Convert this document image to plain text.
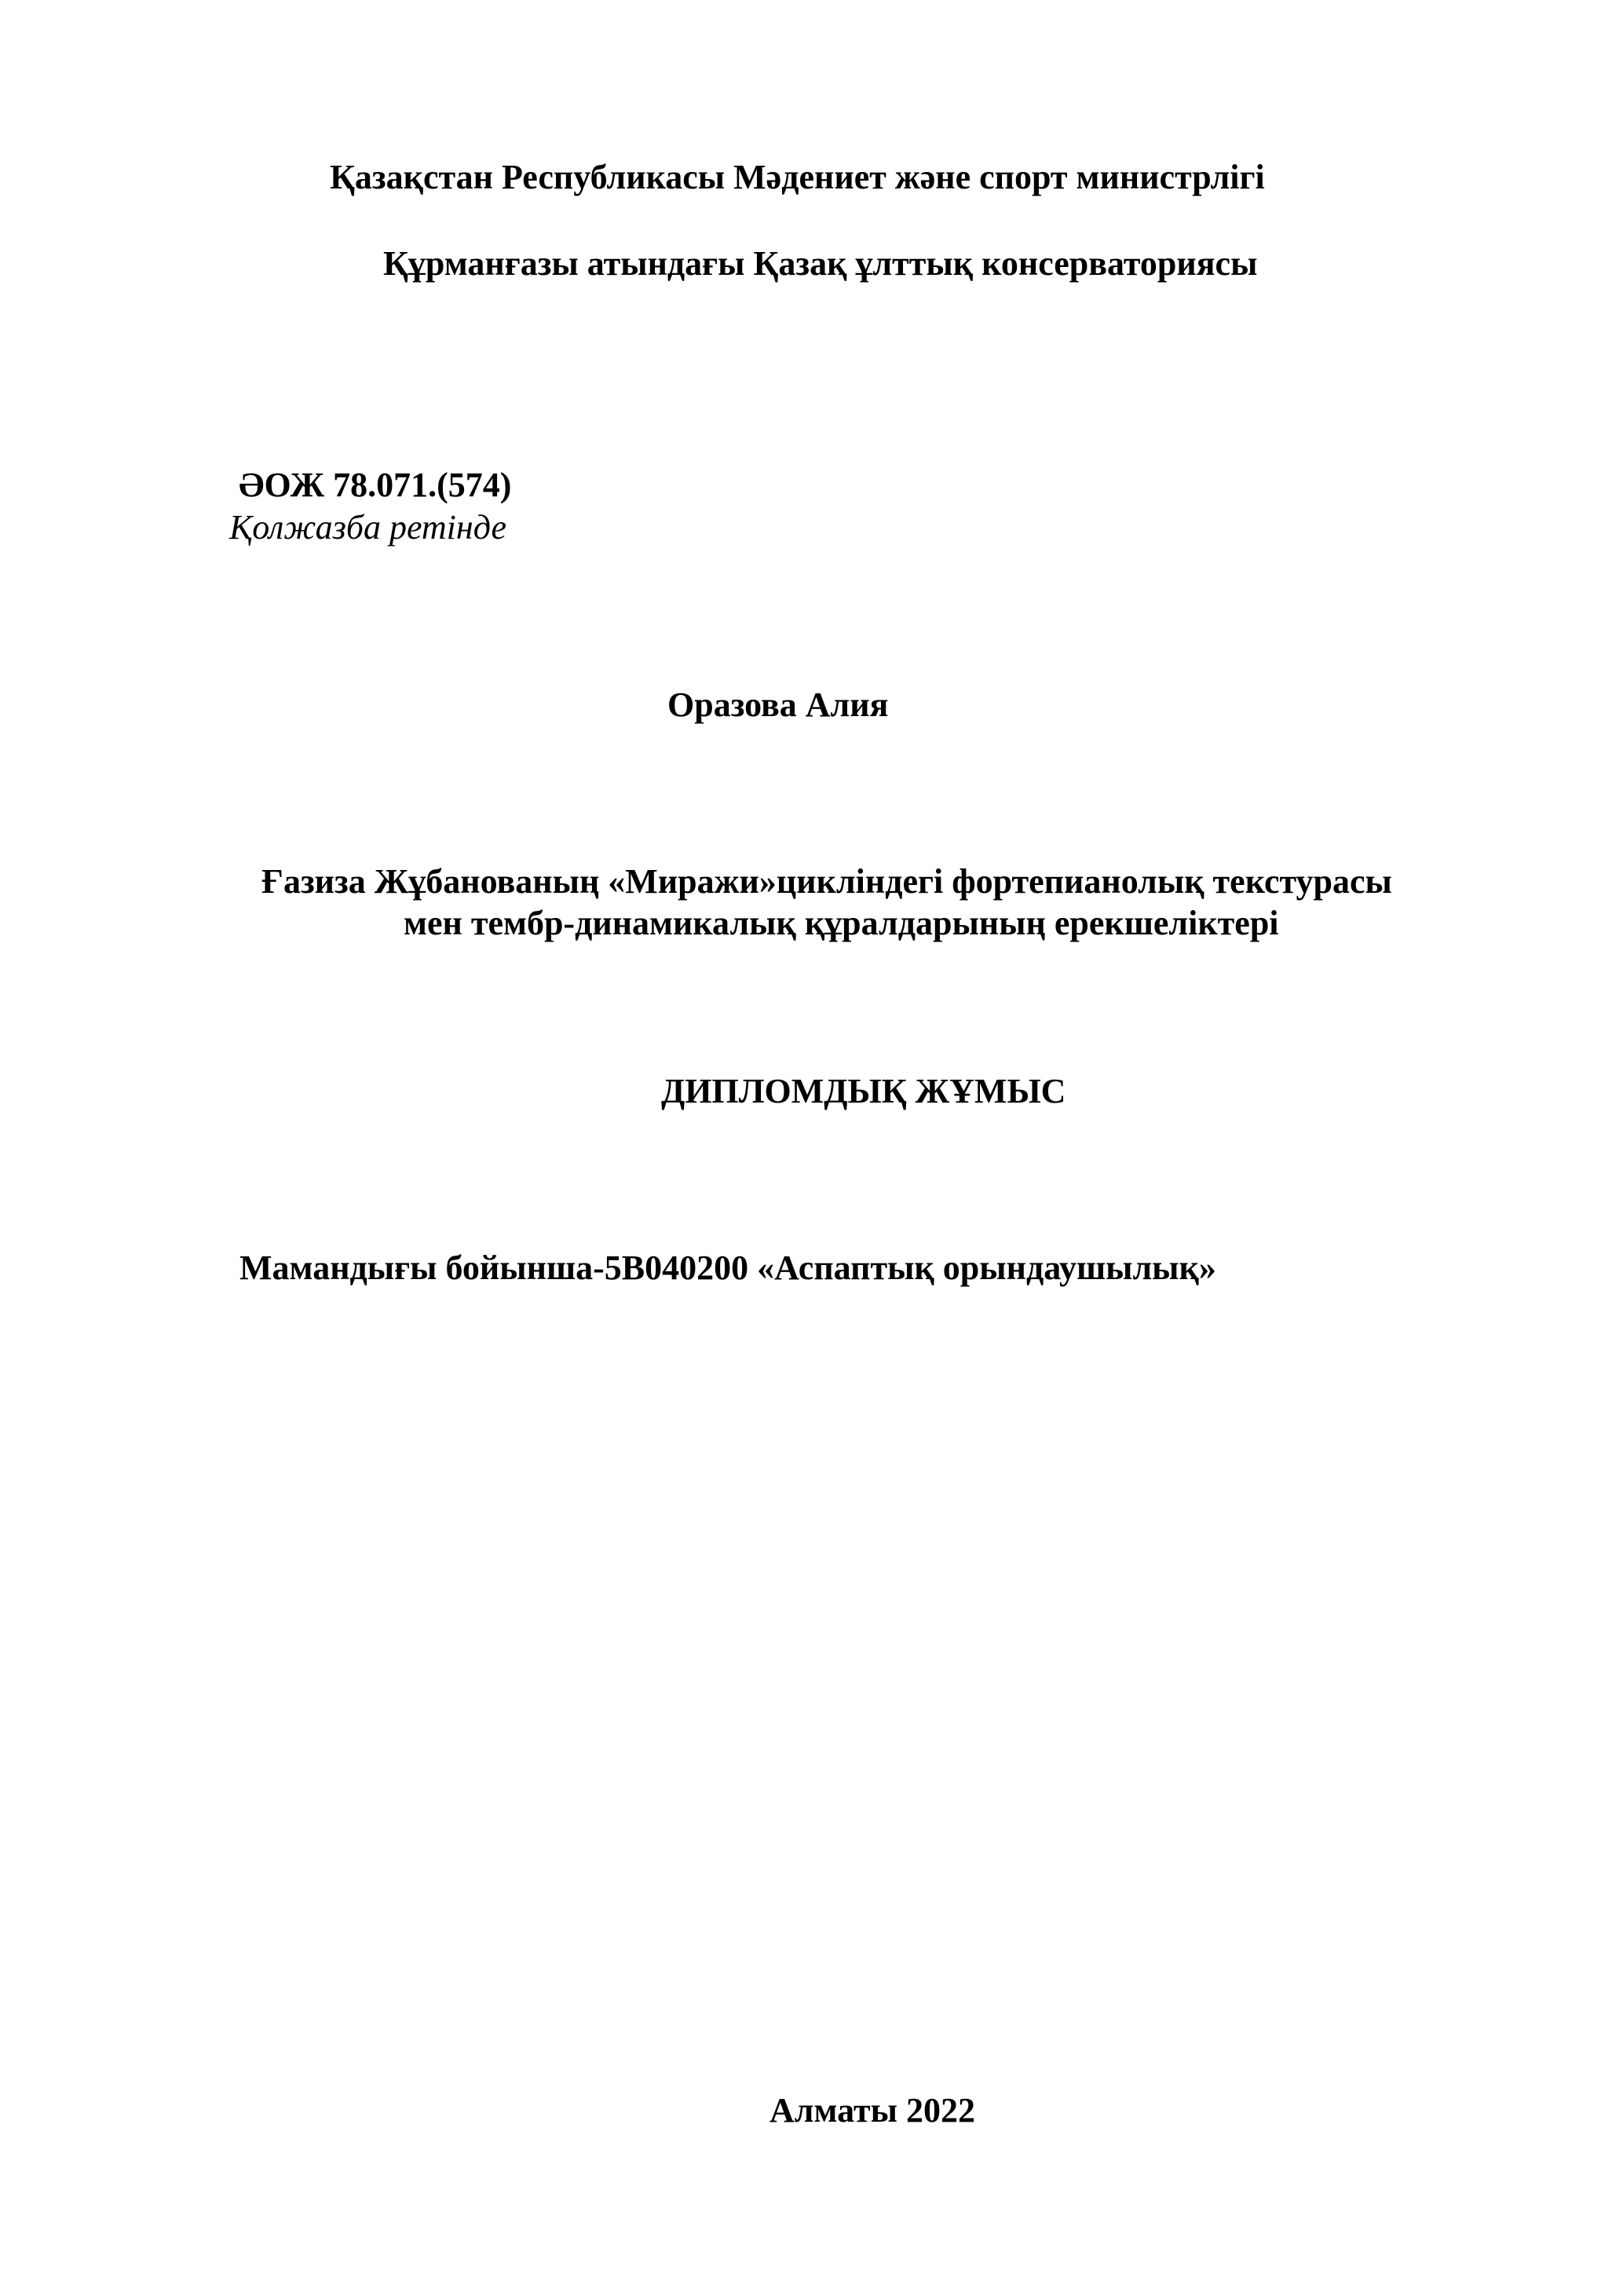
Қазақстан Республикасы Мәдениет және спорт министрлігі

Құрманғазы атындағы Қазақ ұлттық консерваториясы

ӘОЖ 78.071.(574)

Қолжазба ретінде

Оразова Алия

Ғазиза Жұбанованың «Миражи»цикліндегі фортепианолық текстурасы

мен тембр-динамикалық құралдарының ерекшеліктері

ДИПЛОМДЫҚ ЖҰМЫС

Мамандығы бойынша-5В040200 «Аспаптық орындаушылық»

Алматы 2022
